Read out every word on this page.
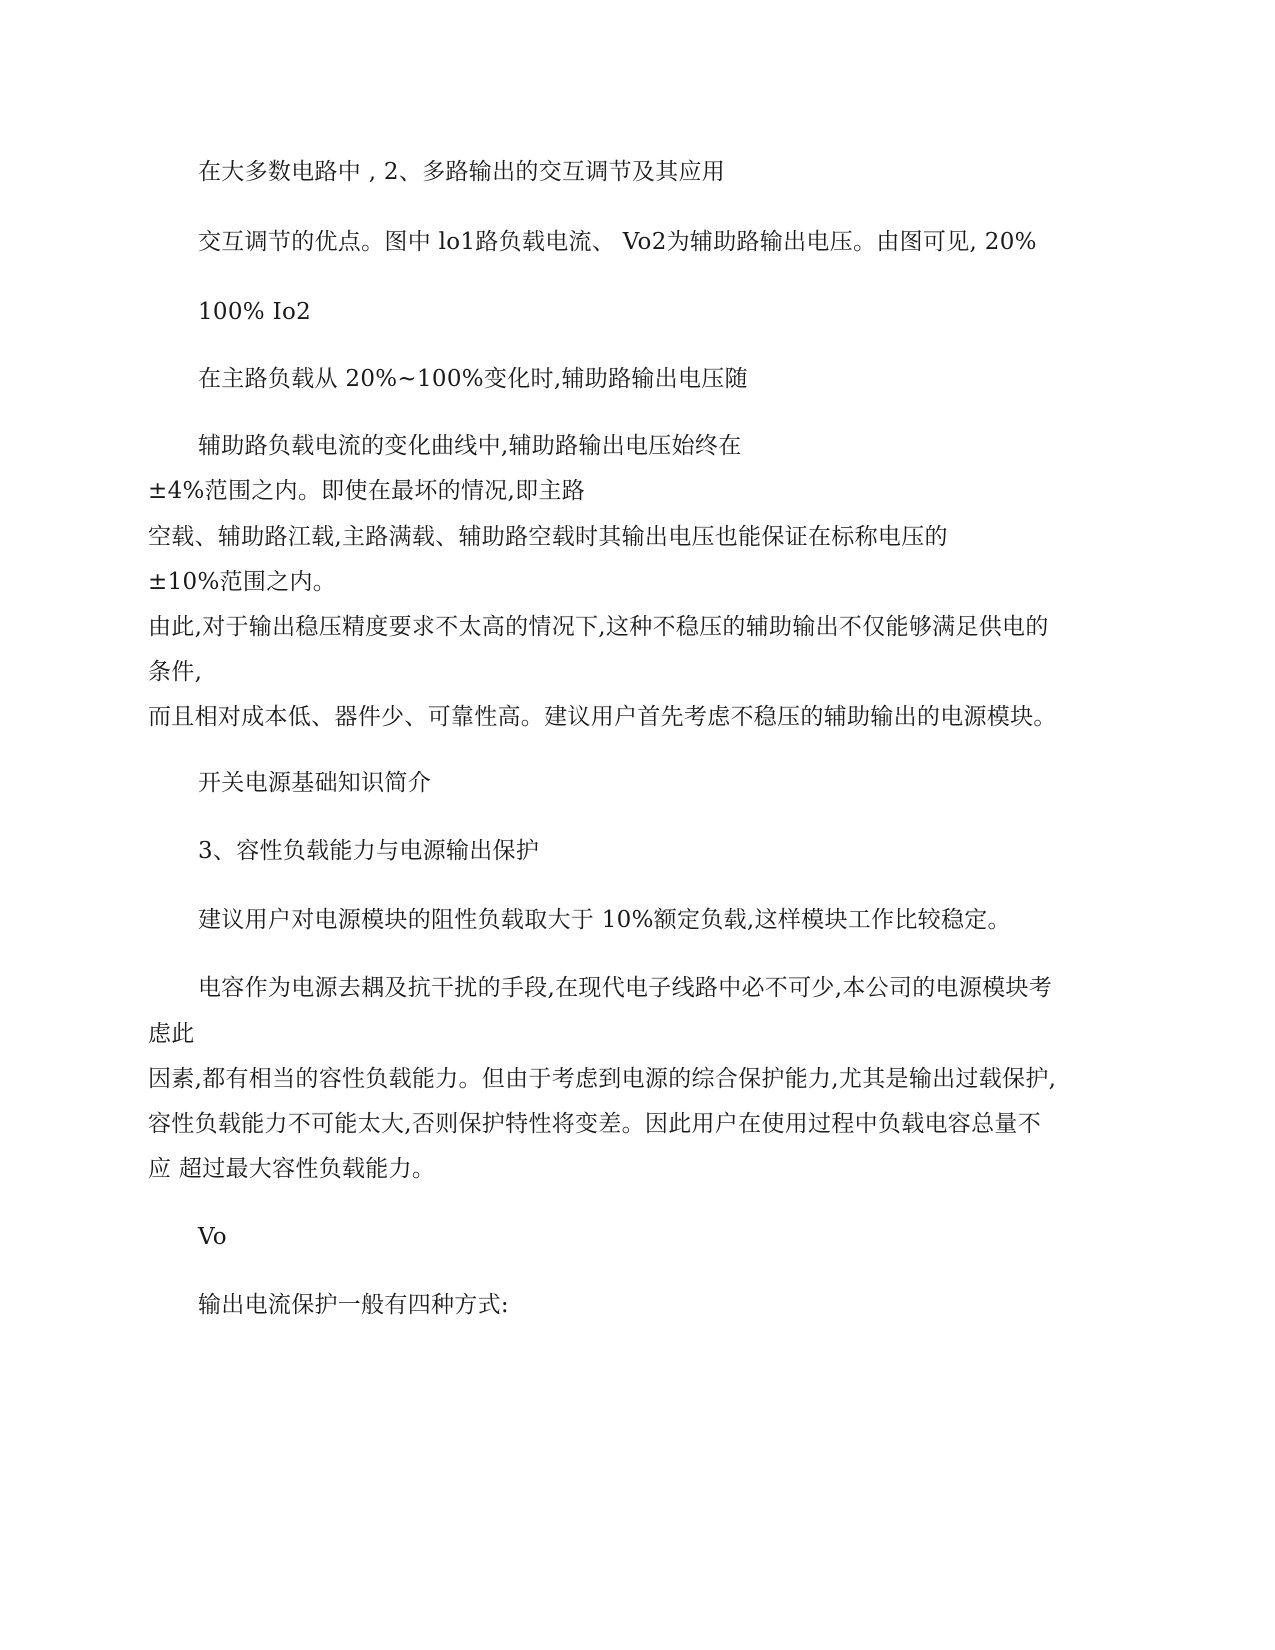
在大多数电路中 , 2、多路输出的交互调节及其应用
交互调节的优点。图中 lo1路负载电流、 Vo2为辅助路输出电压。由图可见, 20%
100% Io2
在主路负载从 20%~100%变化时,辅助路输出电压随
辅助路负载电流的变化曲线中,辅助路输出电压始终在
±4%范围之内。即使在最坏的情况,即主路
空载、辅助路江载,主路满载、辅助路空载时其输出电压也能保证在标称电压的
±10%范围之内。
由此,对于输出稳压精度要求不太高的情况下,这种不稳压的辅助输出不仅能够满足供电的
条件,
而且相对成本低、器件少、可靠性高。建议用户首先考虑不稳压的辅助输出的电源模块。
开关电源基础知识简介
3、容性负载能力与电源输出保护
建议用户对电源模块的阻性负载取大于 10%额定负载,这样模块工作比较稳定。
电容作为电源去耦及抗干扰的手段,在现代电子线路中必不可少,本公司的电源模块考
虑此
因素,都有相当的容性负载能力。但由于考虑到电源的综合保护能力,尤其是输出过载保护,
容性负载能力不可能太大,否则保护特性将变差。因此用户在使用过程中负载电容总量不
应 超过最大容性负载能力。
Vo
输出电流保护一般有四种方式:
